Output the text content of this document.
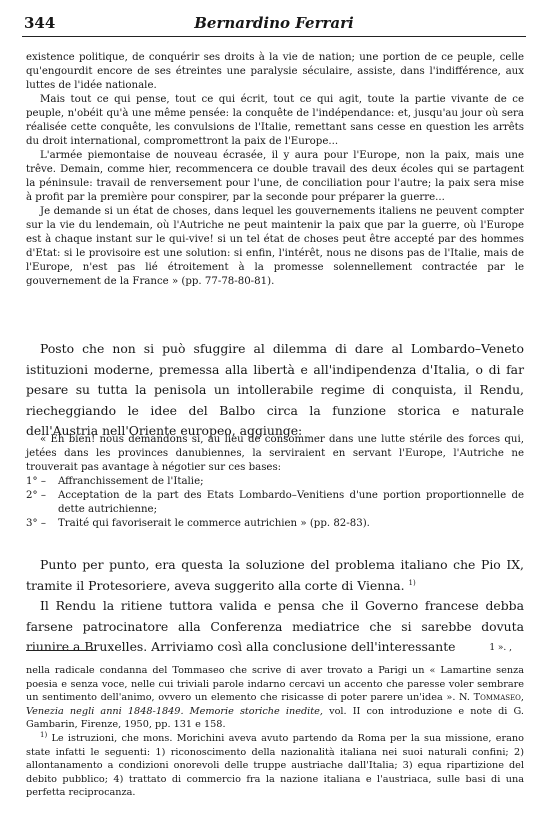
344	Bernardino Ferrari

existence politique, de conquérir ses droits à la vie de nation; une portion de ce peuple, celle qu'engourdit encore de ses étreintes une paralysie séculaire, assiste, dans l'indifférence, aux luttes de l'idée nationale.

Mais tout ce qui pense, tout ce qui écrit, tout ce qui agit, toute la partie vivante de ce peuple, n'obéit qu'à une même pensée: la conquête de l'indépendance: et, jusqu'au jour où sera réalisée cette conquête, les convulsions de l'Italie, remettant sans cesse en question les arrêts du droit international, compromettront la paix de l'Europe...

L'armée piemontaise de nouveau écrasée, il y aura pour l'Europe, non la paix, mais une trêve. Demain, comme hier, recommencera ce double travail des deux écoles qui se partagent la péninsule: travail de renversement pour l'une, de conciliation pour l'autre; la paix sera mise à profit par la première pour conspirer, par la seconde pour préparer la guerre...

Je demande si un état de choses, dans lequel les gouvernements italiens ne peuvent compter sur la vie du lendemain, où l'Autriche ne peut maintenir la paix que par la guerre, où l'Europe est à chaque instant sur le qui-vive! si un tel état de choses peut être accepté par des hommes d'Etat: si le provisoire est une solution: si enfin, l'intérêt, nous ne disons pas de l'Italie, mais de l'Europe, n'est pas lié étroitement à la promesse solennellement contractée par le gouvernement de la France » (pp. 77-78-80-81).

Posto che non si può sfuggire al dilemma di dare al Lombardo–Veneto istituzioni moderne, premessa alla libertà e all'indipendenza d'Italia, o di far pesare su tutta la penisola un intollerabile regime di conquista, il Rendu, riecheggiando le idee del Balbo circa la funzione storica e naturale dell'Austria nell'Oriente europeo, aggiunge:

« Eh bien! nous demandons si, au lieu de consommer dans une lutte stérile des forces qui, jetées dans les provinces danubiennes, la serviraient en servant l'Europe, l'Autriche ne trouverait pas avantage à négotier sur ces bases:

1° – Affranchissement de l'Italie;
2° – Acceptation de la part des Etats Lombardo–Venitiens d'une portion proportionnelle de dette autrichienne;
3° – Traité qui favoriserait le commerce autrichien » (pp. 82-83).

Punto per punto, era questa la soluzione del problema italiano che Pio IX, tramite il Protesoriere, aveva suggerito alla corte di Vienna. $^{1)}$

Il Rendu la ritiene tuttora valida e pensa che il Governo francese debba farsene patrocinatore alla Conferenza mediatrice che si sarebbe dovuta riunire a Bruxelles. Arriviamo così alla conclusione dell'interessante	1 ». ,

nella radicale condanna del Tommaseo che scrive di aver trovato a Parigi un « Lamartine senza poesia e senza voce, nelle cui triviali parole indarno cercavi un accento che paresse voler sembrare un sentimento dell'animo, ovvero un elemento che risicasse di poter parere un'idea ». N. Tommaseo, Venezia negli anni 1848-1849. Memorie storiche inedite, vol. II con introduzione e note di G. Gambarin, Firenze, 1950, pp. 131 e 158.

$^{1)}$ Le istruzioni, che mons. Morichini aveva avuto partendo da Roma per la sua missione, erano state infatti le seguenti: 1) riconoscimento della nazionalità italiana nei suoi naturali confini; 2) allontanamento a condizioni onorevoli delle truppe austriache dall'Italia; 3) equa ripartizione del debito pubblico; 4) trattato di commercio fra la nazione italiana e l'austriaca, sulle basi di una perfetta reciprocanza.
